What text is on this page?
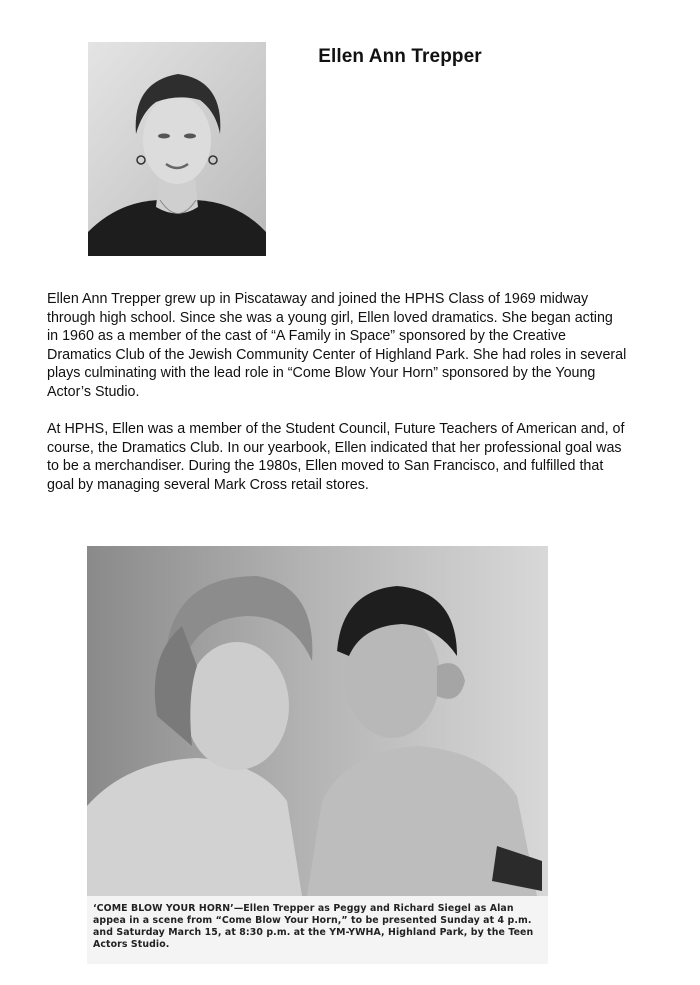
Ellen Ann Trepper

Ellen Ann Trepper grew up in Piscataway and joined the HPHS Class of 1969 midway through high school. Since she was a young girl, Ellen loved dramatics. She began acting in 1960 as a member of the cast of “A Family in Space” sponsored by the Creative Dramatics Club of the Jewish Community Center of Highland Park. She had roles in several plays culminating with the lead role in “Come Blow Your Horn” sponsored by the Young Actor’s Studio.

At HPHS, Ellen was a member of the Student Council, Future Teachers of American and, of course, the Dramatics Club. In our yearbook, Ellen indicated that her professional goal was to be a merchandiser. During the 1980s, Ellen moved to San Francisco, and fulfilled that goal by managing several Mark Cross retail stores.

‘COME BLOW YOUR HORN’—Ellen Trepper as Peggy and Richard Siegel as Alan appea in a scene from “Come Blow Your Horn,” to be presented Sunday at 4 p.m. and Saturday March 15, at 8:30 p.m. at the YM-YWHA, Highland Park, by the Teen Actors Studio.
